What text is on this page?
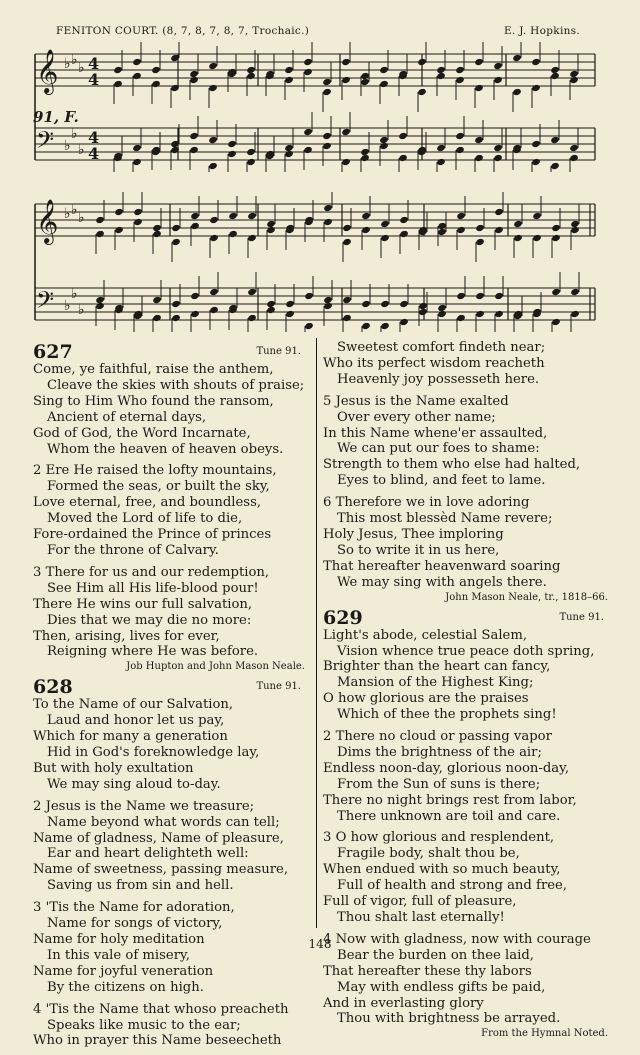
FENITON COURT. (8, 7, 8, 7, 8, 7, Trochaic.)	E. J. Hopkins.
𝄞 ♭ ♭ ♭ 4
4
𝄢 ♭
♭
♭
4
4
91, F.
𝄞 ♭ ♭ ♭
𝄢 ♭
♭
♭
627	Tune 91.
Come, ye faithful, raise the anthem,
Cleave the skies with shouts of praise;
Sing to Him Who found the ransom,
Ancient of eternal days,
God of God, the Word Incarnate,
Whom the heaven of heaven obeys.
2 Ere He raised the lofty mountains,
Formed the seas, or built the sky,
Love eternal, free, and boundless,
Moved the Lord of life to die,
Fore-ordained the Prince of princes
For the throne of Calvary.
3 There for us and our redemption,
See Him all His life-blood pour!
There He wins our full salvation,
Dies that we may die no more:
Then, arising, lives for ever,
Reigning where He was before.
Job Hupton and John Mason Neale.
628	Tune 91.
To the Name of our Salvation,
Laud and honor let us pay,
Which for many a generation
Hid in God's foreknowledge lay,
But with holy exultation
We may sing aloud to-day.
2 Jesus is the Name we treasure;
Name beyond what words can tell;
Name of gladness, Name of pleasure,
Ear and heart delighteth well:
Name of sweetness, passing measure,
Saving us from sin and hell.
3 'Tis the Name for adoration,
Name for songs of victory,
Name for holy meditation
In this vale of misery,
Name for joyful veneration
By the citizens on high.
4 'Tis the Name that whoso preacheth
Speaks like music to the ear;
Who in prayer this Name beseecheth
Sweetest comfort findeth near;
Who its perfect wisdom reacheth
Heavenly joy possesseth here.
5 Jesus is the Name exalted
Over every other name;
In this Name whene'er assaulted,
We can put our foes to shame:
Strength to them who else had halted,
Eyes to blind, and feet to lame.
6 Therefore we in love adoring
This most blessèd Name revere;
Holy Jesus, Thee imploring
So to write it in us here,
That hereafter heavenward soaring
We may sing with angels there.
John Mason Neale, tr., 1818–66.
629	Tune 91.
Light's abode, celestial Salem,
Vision whence true peace doth spring,
Brighter than the heart can fancy,
Mansion of the Highest King;
O how glorious are the praises
Which of thee the prophets sing!
2 There no cloud or passing vapor
Dims the brightness of the air;
Endless noon-day, glorious noon-day,
From the Sun of suns is there;
There no night brings rest from labor,
There unknown are toil and care.
3 O how glorious and resplendent,
Fragile body, shalt thou be,
When endued with so much beauty,
Full of health and strong and free,
Full of vigor, full of pleasure,
Thou shalt last eternally!
4 Now with gladness, now with courage
Bear the burden on thee laid,
That hereafter these thy labors
May with endless gifts be paid,
And in everlasting glory
Thou with brightness be arrayed.
From the Hymnal Noted.
148
